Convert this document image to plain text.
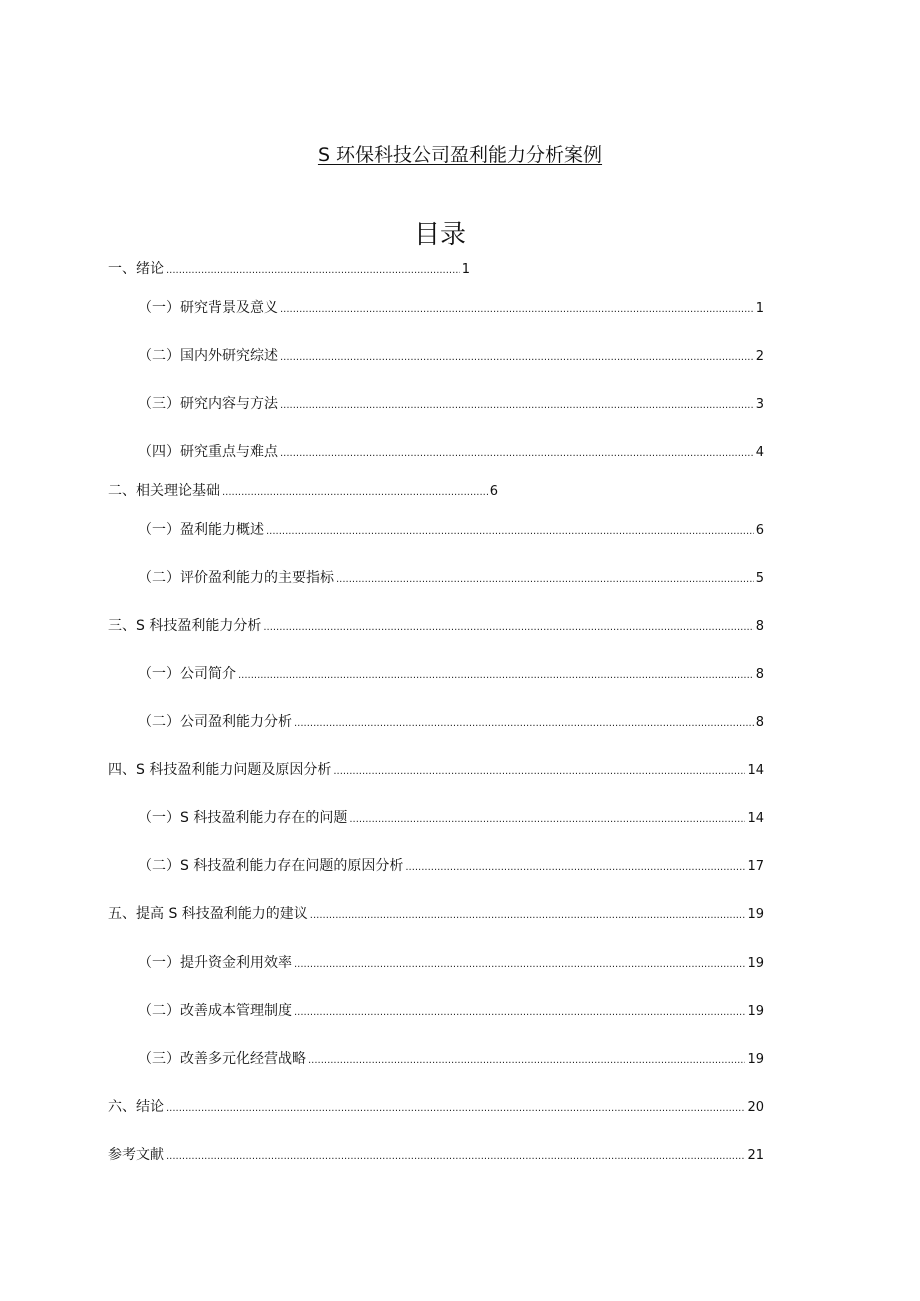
S 环保科技公司盈利能力分析案例
目录
一、绪论 .....	1
（一）研究背景及意义 .....	1
（二）国内外研究综述 .....	2
（三）研究内容与方法 .....	3
（四）研究重点与难点 .....	4
二、相关理论基础 .....	6
（一）盈利能力概述 .....	6
（二）评价盈利能力的主要指标 .....	5
三、S 科技盈利能力分析 .....	8
（一）公司简介 .....	8
（二）公司盈利能力分析 .....	8
四、S 科技盈利能力问题及原因分析 .....	14
（一）S 科技盈利能力存在的问题 .....	14
（二）S 科技盈利能力存在问题的原因分析 .....	17
五、提高 S 科技盈利能力的建议 .....	19
（一）提升资金利用效率 .....	19
（二）改善成本管理制度 .....	19
（三）改善多元化经营战略 .....	19
六、结论 .....	20
参考文献 .....	21
